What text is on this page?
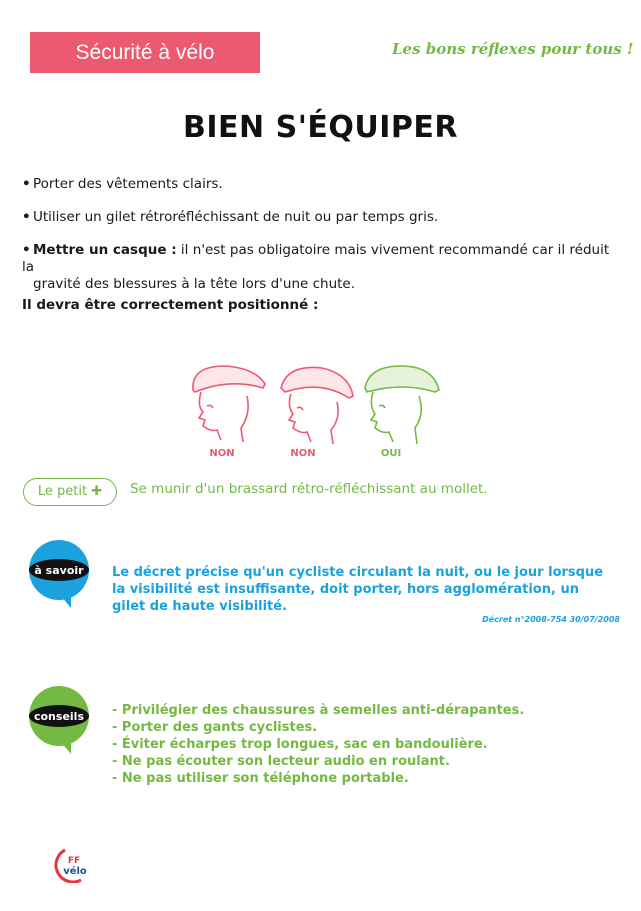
Sécurité à vélo	Les bons réflexes pour tous !
BIEN S'ÉQUIPER
• Porter des vêtements clairs.
• Utiliser un gilet rétroréfléchissant de nuit ou par temps gris.
• Mettre un casque : il n'est pas obligatoire mais vivement recommandé car il réduit la
gravité des blessures à la tête lors d'une chute.
Il devra être correctement positionné :
NON	NON	OUI
Le petit ✚	Se munir d'un brassard rétro-réfléchissant au mollet.
à savoir Le décret précise qu'un cycliste circulant la nuit, ou le jour lorsque
la visibilité est insuffisante, doit porter, hors agglomération, un
gilet de haute visibilité.
Décret n°2008-754 30/07/2008
conseils - Privilégier des chaussures à semelles anti-dérapantes.
- Porter des gants cyclistes.
- Éviter écharpes trop longues, sac en bandoulière.
- Ne pas écouter son lecteur audio en roulant.
- Ne pas utiliser son téléphone portable.
FF
vélo
